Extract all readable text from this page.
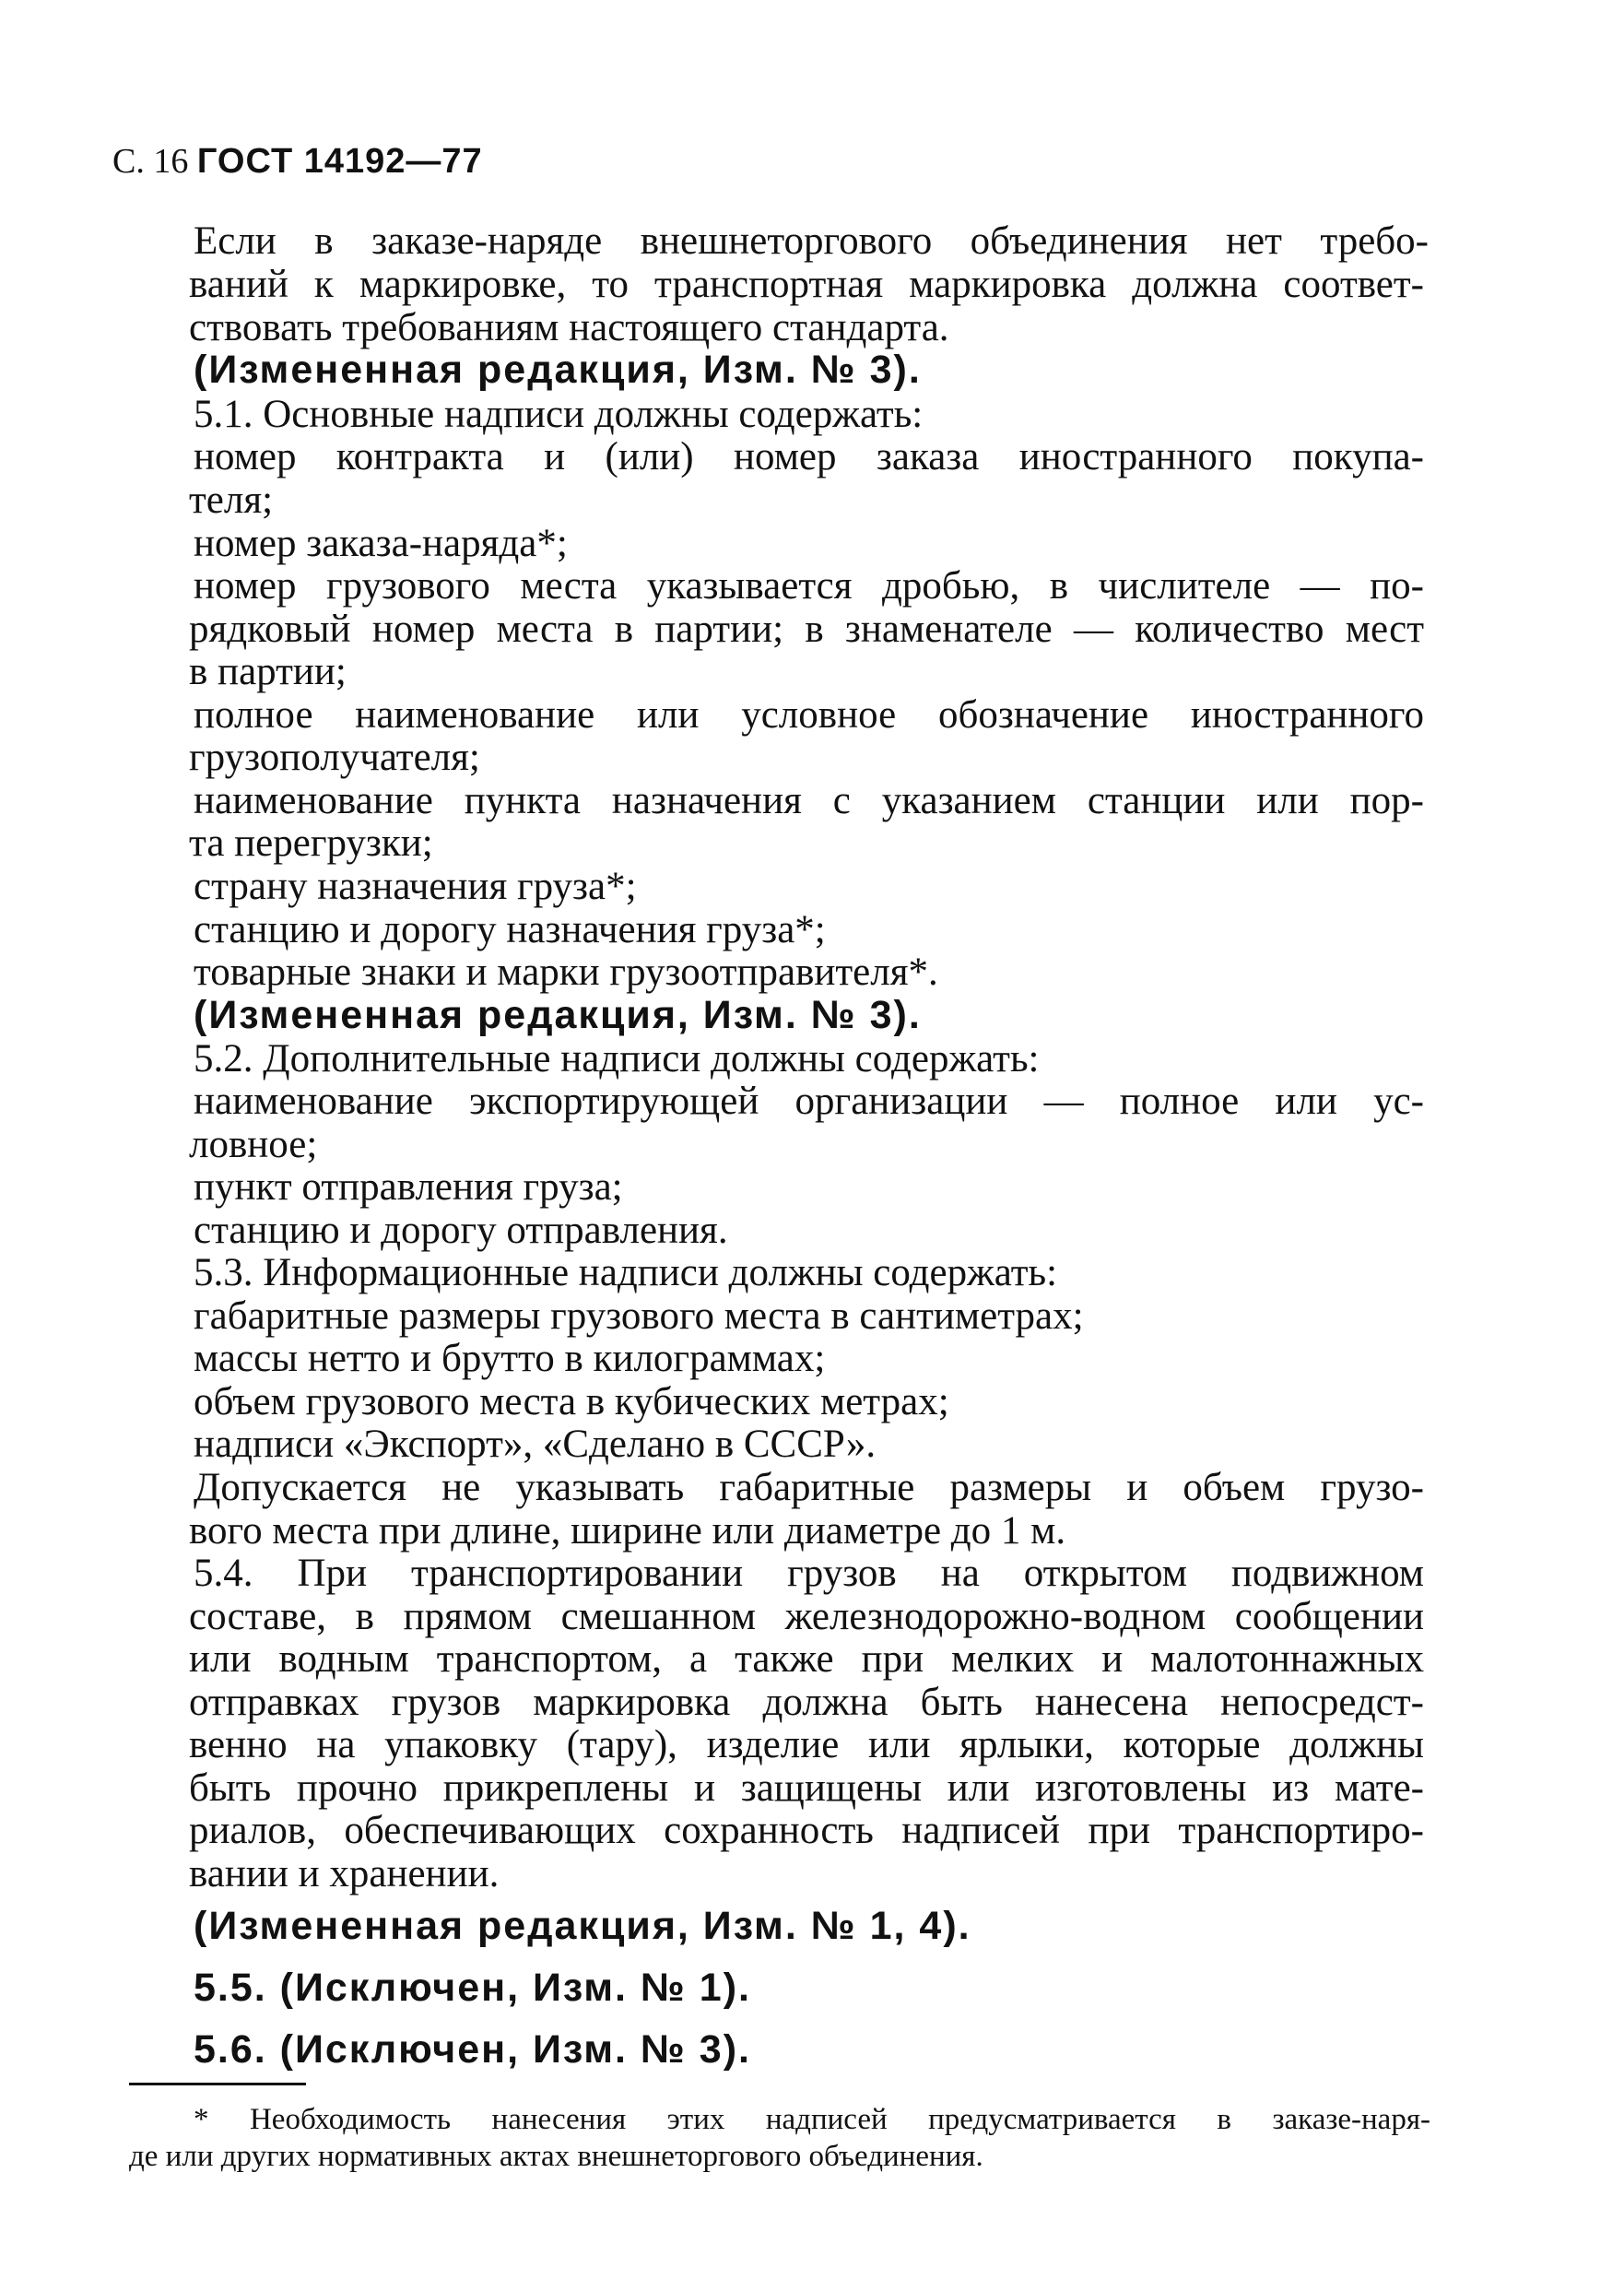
С. 16 ГОСТ 14192—77
Если в заказе-наряде внешнеторгового объединения нет требо-
ваний к маркировке, то транспортная маркировка должна соответ-
ствовать требованиям настоящего стандарта.
(Измененная редакция, Изм. № 3).
5.1. Основные надписи должны содержать:
номер контракта и (или) номер заказа иностранного покупа-
теля;
номер заказа-наряда*;
номер грузового места указывается дробью, в числителе — по-
рядковый номер места в партии; в знаменателе — количество мест
в партии;
полное наименование или условное обозначение иностранного
грузополучателя;
наименование пункта назначения с указанием станции или пор-
та перегрузки;
страну назначения груза*;
станцию и дорогу назначения груза*;
товарные знаки и марки грузоотправителя*.
(Измененная редакция, Изм. № 3).
5.2. Дополнительные надписи должны содержать:
наименование экспортирующей организации — полное или ус-
ловное;
пункт отправления груза;
станцию и дорогу отправления.
5.3. Информационные надписи должны содержать:
габаритные размеры грузового места в сантиметрах;
массы нетто и брутто в килограммах;
объем грузового места в кубических метрах;
надписи «Экспорт», «Сделано в СССР».
Допускается не указывать габаритные размеры и объем грузо-
вого места при длине, ширине или диаметре до 1 м.
5.4. При транспортировании грузов на открытом подвижном
составе, в прямом смешанном железнодорожно-водном сообщении
или водным транспортом, а также при мелких и малотоннажных
отправках грузов маркировка должна быть нанесена непосредст-
венно на упаковку (тару), изделие или ярлыки, которые должны
быть прочно прикреплены и защищены или изготовлены из мате-
риалов, обеспечивающих сохранность надписей при транспортиро-
вании и хранении.
(Измененная редакция, Изм. № 1, 4).
5.5. (Исключен, Изм. № 1).
5.6. (Исключен, Изм. № 3).
* Необходимость нанесения этих надписей предусматривается в заказе-наря-
де или других нормативных актах внешнеторгового объединения.
